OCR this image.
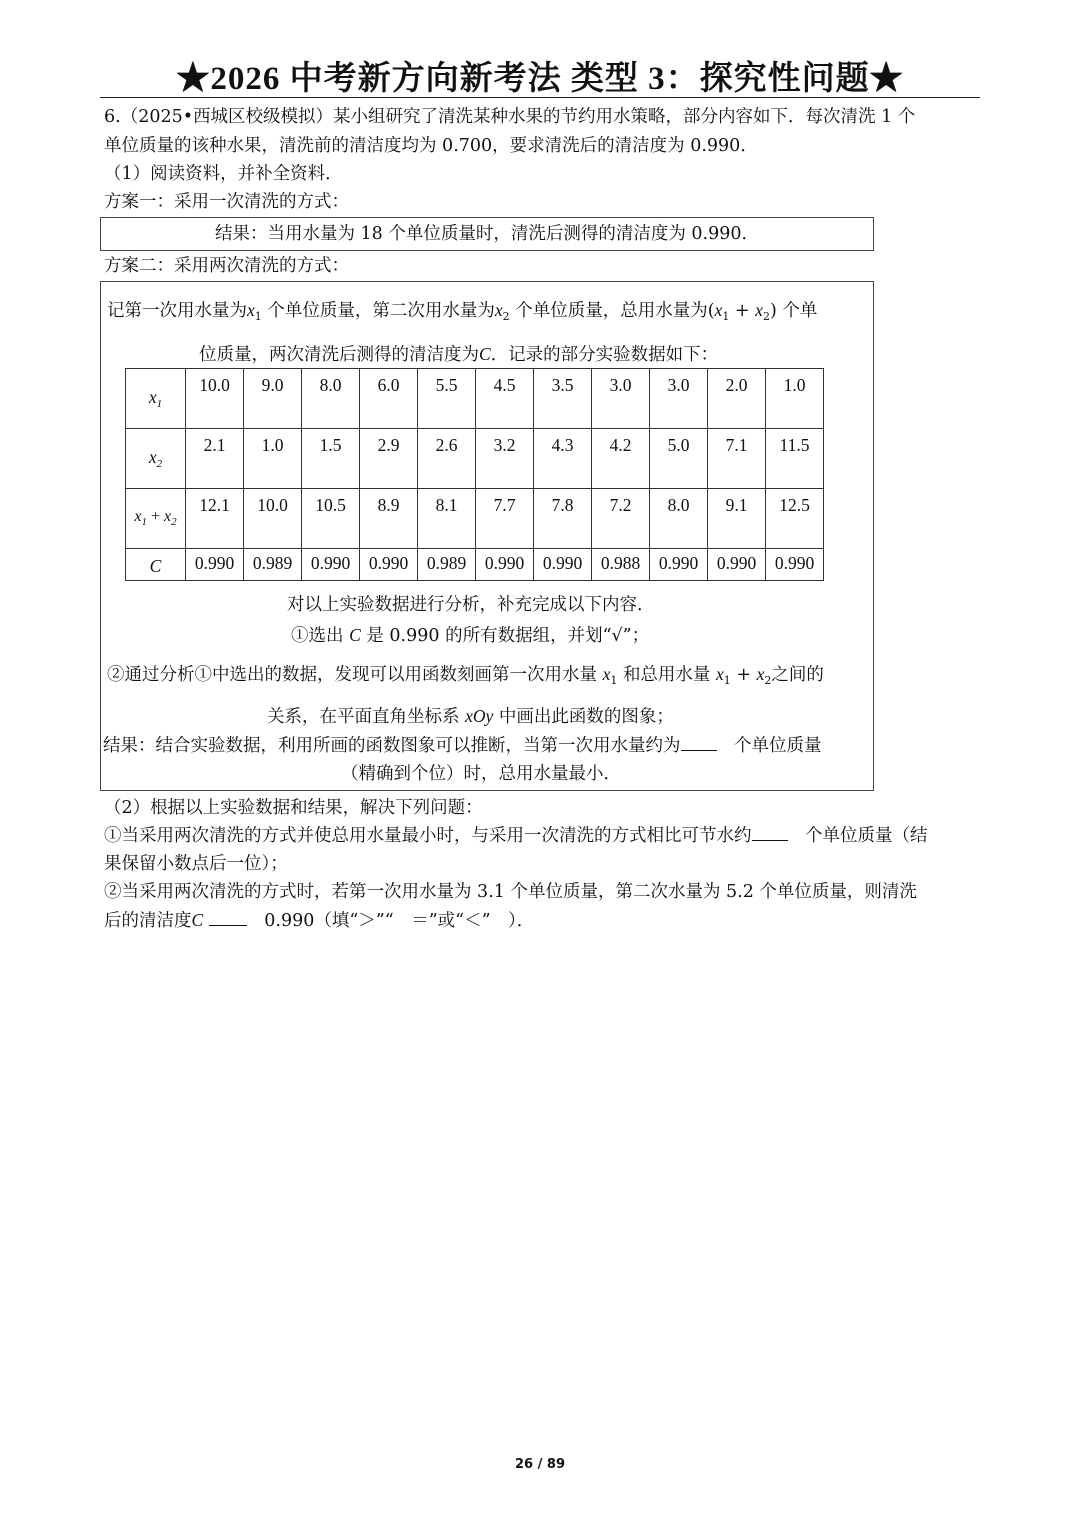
★2026 中考新方向新考法 类型 3：探究性问题★
6.（2025•西城区校级模拟）某小组研究了清洗某种水果的节约用水策略，部分内容如下．每次清洗 1 个
单位质量的该种水果，清洗前的清洁度均为 0.700，要求清洗后的清洁度为 0.990．
（1）阅读资料，并补全资料．
方案一：采用一次清洗的方式：
结果：当用水量为 18 个单位质量时，清洗后测得的清洁度为 0.990．
方案二：采用两次清洗的方式：
记第一次用水量为$x_1$ 个单位质量，第二次用水量为$x_2$ 个单位质量，总用水量为$(x_1 + x_2)$ 个单
位质量，两次清洗后测得的清洁度为C．记录的部分实验数据如下：
$x_1$	10.0	9.0	8.0	6.0	5.5	4.5	3.5	3.0	3.0	2.0	1.0
$x_2$	2.1	1.0	1.5	2.9	2.6	3.2	4.3	4.2	5.0	7.1	11.5
$x_1 + x_2$	12.1	10.0	10.5	8.9	8.1	7.7	7.8	7.2	8.0	9.1	12.5
C	0.990	0.989	0.990	0.990	0.989	0.990	0.990	0.988	0.990	0.990	0.990
对以上实验数据进行分析，补充完成以下内容．
①选出 C 是 0.990 的所有数据组，并划“√”；
②通过分析①中选出的数据，发现可以用函数刻画第一次用水量 $x_1$ 和总用水量 $x_1 + x_2$之间的
关系，在平面直角坐标系 xOy 中画出此函数的图象；
结果：结合实验数据，利用所画的函数图象可以推断，当第一次用水量约为　	个单位质量
（精确到个位）时，总用水量最小．
（2）根据以上实验数据和结果，解决下列问题：
①当采用两次清洗的方式并使总用水量最小时，与采用一次清洗的方式相比可节水约　	个单位质量（结
果保留小数点后一位）；
②当采用两次清洗的方式时，若第一次用水量为 3.1 个单位质量，第二次水量为 5.2 个单位质量，则清洗
后的清洁度C 　	0.990（填“＞”“　＝”或“＜”　）．
26 / 89
